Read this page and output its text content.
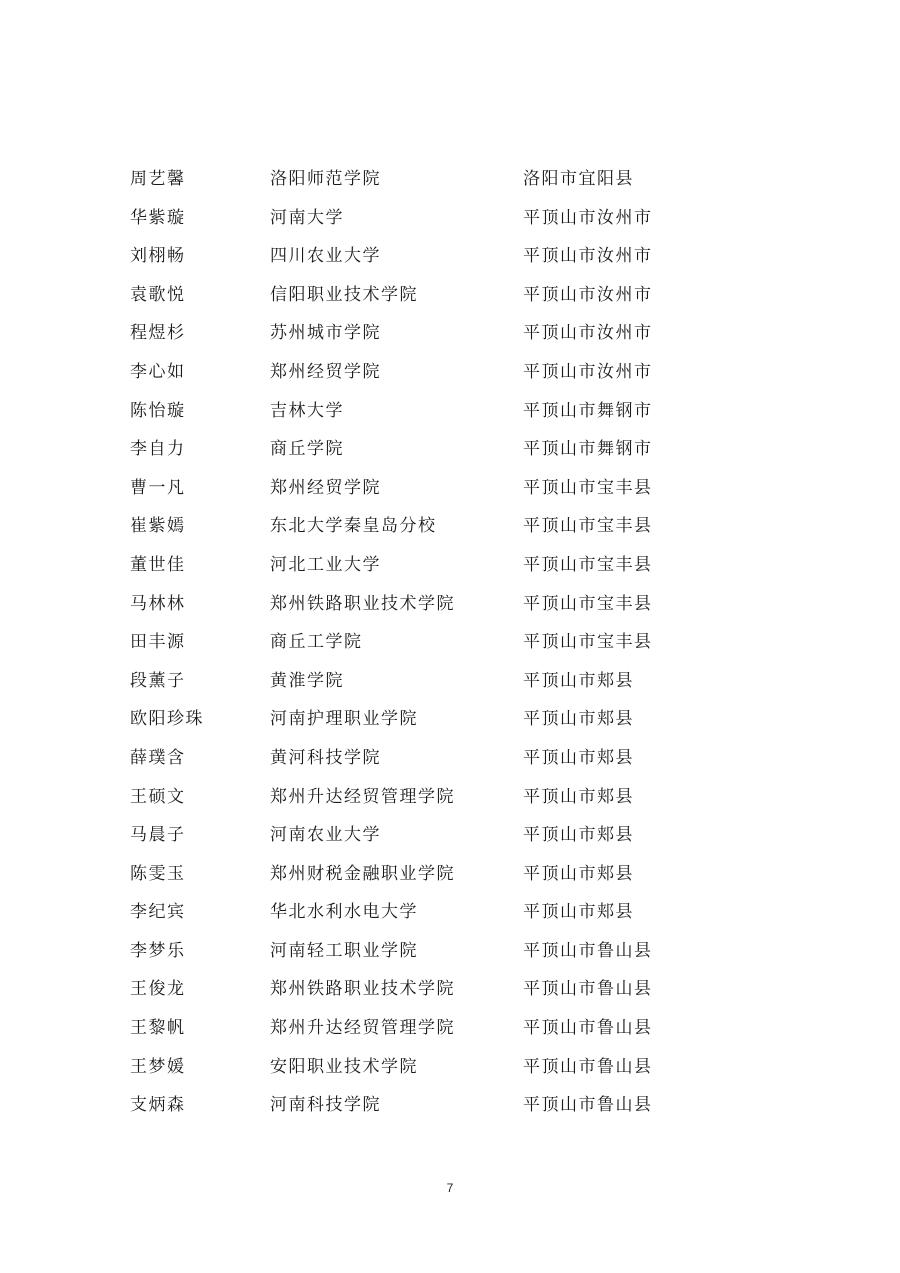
周艺馨	洛阳师范学院	洛阳市宜阳县
华紫璇	河南大学	平顶山市汝州市
刘栩畅	四川农业大学	平顶山市汝州市
袁歌悦	信阳职业技术学院	平顶山市汝州市
程煜杉	苏州城市学院	平顶山市汝州市
李心如	郑州经贸学院	平顶山市汝州市
陈怡璇	吉林大学	平顶山市舞钢市
李自力	商丘学院	平顶山市舞钢市
曹一凡	郑州经贸学院	平顶山市宝丰县
崔紫嫣	东北大学秦皇岛分校	平顶山市宝丰县
董世佳	河北工业大学	平顶山市宝丰县
马林林	郑州铁路职业技术学院	平顶山市宝丰县
田丰源	商丘工学院	平顶山市宝丰县
段薰子	黄淮学院	平顶山市郏县
欧阳珍珠	河南护理职业学院	平顶山市郏县
薛璞含	黄河科技学院	平顶山市郏县
王硕文	郑州升达经贸管理学院	平顶山市郏县
马晨子	河南农业大学	平顶山市郏县
陈雯玉	郑州财税金融职业学院	平顶山市郏县
李纪宾	华北水利水电大学	平顶山市郏县
李梦乐	河南轻工职业学院	平顶山市鲁山县
王俊龙	郑州铁路职业技术学院	平顶山市鲁山县
王黎帆	郑州升达经贸管理学院	平顶山市鲁山县
王梦媛	安阳职业技术学院	平顶山市鲁山县
支炳森	河南科技学院	平顶山市鲁山县
7
